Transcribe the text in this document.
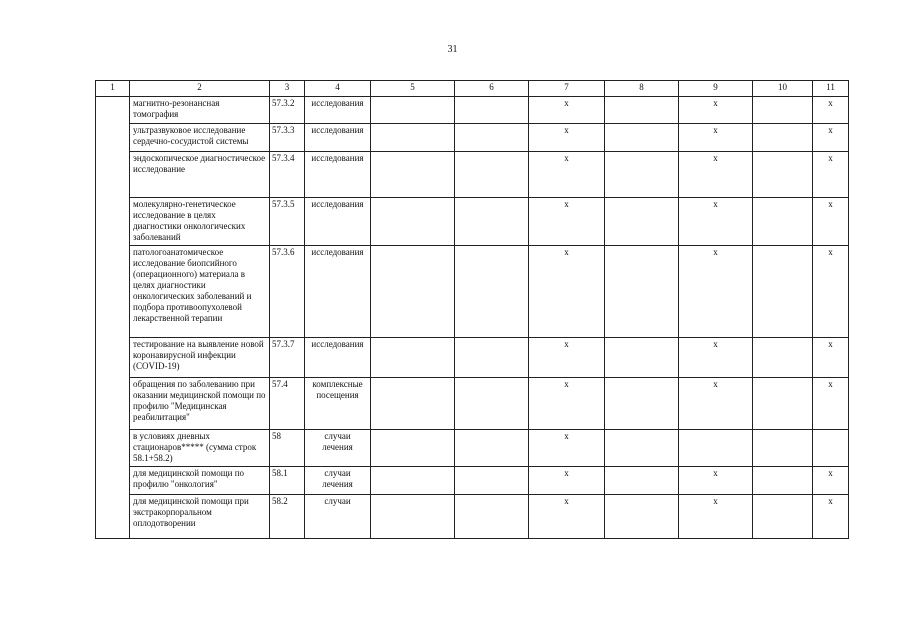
31
1	2	3	4	5	6	7	8	9	10	11
	магнитно-резонансная томография	57.3.2	исследования			x		x		x
	ультразвуковое исследование сердечно-сосудистой системы	57.3.3	исследования			x		x		x
	эндоскопическое диагностическое исследование	57.3.4	исследования			x		x		x
	молекулярно-генетическое исследование в целях диагностики онкологических заболеваний	57.3.5	исследования			x		x		x
	патологоанатомическое исследование биопсийного (операционного) материала в целях диагностики онкологических заболеваний и подбора противоопухолевой лекарственной терапии	57.3.6	исследования			x		x		x
	тестирование на выявление новой коронавирусной инфекции (COVID-19)	57.3.7	исследования			x		x		x
	обращения по заболеванию при оказании медицинской помощи по профилю "Медицинская реабилитация"	57.4	комплексные посещения			x		x		x
	в условиях дневных стационаров***** (сумма строк 58.1+58.2)	58	случаи лечения			x				
	для медицинской помощи по профилю "онкология"	58.1	случаи лечения			x		x		x
	для медицинской помощи при экстракорпоральном оплодотворении	58.2	случаи			x		x		x
